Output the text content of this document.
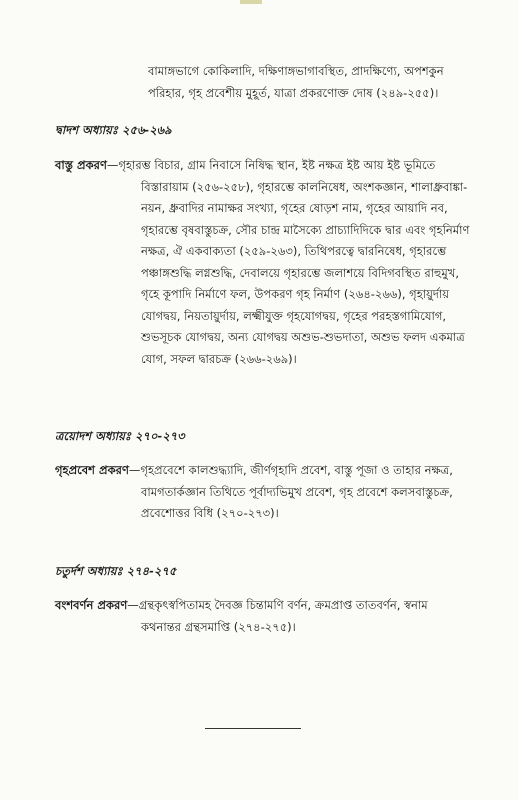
বামাঙ্গভাগে কোকিলাদি, দক্ষিণাঙ্গভাগাবস্থিত, প্রাদক্ষিণ্যে, অপশকুন
পরিহার, গৃহ প্রবেশীয় মুহূর্ত, যাত্রা প্রকরণোক্ত দোষ (২৪৯-২৫৫)।
দ্বাদশ অধ্যায়ঃ ২৫৬-২৬৯
বাস্তু প্রকরণ—গৃহারম্ভ বিচার, গ্রাম নিবাসে নিষিদ্ধ স্থান, ইষ্ট নক্ষত্র ইষ্ট আয় ইষ্ট ভূমিতে
বিস্তারায়াম (২৫৬-২৫৮), গৃহারম্ভে কালনিষেধ, অংশকজ্ঞান, শালাধ্রুবাঙ্কা-
নয়ন, ধ্রুবাদির নামাক্ষর সংখ্যা, গৃহের ষোড়শ নাম, গৃহের আয়াদি নব,
গৃহারম্ভে বৃষবাস্তুচক্র, সৌর চান্দ্র মাসৈক্যে প্রাচ্যাদিদিকে দ্বার এবং গৃহনির্মাণ
নক্ষত্র, ঐ একবাক্যতা (২৫৯-২৬৩), তিথিপরত্বে দ্বারনিষেধ, গৃহারম্ভে
পঞ্চাঙ্গশুদ্ধি লগ্নশুদ্ধি, দেবালয়ে গৃহারম্ভে জলাশয়ে বিদিগবস্থিত রাহুমুখ,
গৃহে কূপাদি নির্মাণে ফল, উপকরণ গৃহ নির্মাণ (২৬৪-২৬৬), গৃহায়ুর্দায়
যোগদ্বয়, নিয়তায়ুর্দায়, লক্ষ্মীযুক্ত গৃহযোগদ্বয়, গৃহের পরহস্তগামিযোগ,
শুভসূচক যোগদ্বয়, অন্য যোগদ্বয় অশুভ-শুভদাতা, অশুভ ফলদ একমাত্র
যোগ, সফল দ্বারচক্র (২৬৬-২৬৯)।
ত্রয়োদশ অধ্যায়ঃ ২৭০-২৭৩
গৃহপ্রবেশ প্রকরণ—গৃহপ্রবেশে কালশুদ্ধ্যাদি, জীর্ণগৃহাদি প্রবেশ, বাস্তু পূজা ও তাহার নক্ষত্র,
বামগতার্কজ্ঞান তিথিতে পূর্বাদ্যভিমুখ প্রবেশ, গৃহ প্রবেশে কলসবাস্তুচক্র,
প্রবেশোত্তর বিধি (২৭০-২৭৩)।
চতুর্দশ অধ্যায়ঃ ২৭৪-২৭৫
বংশবর্ণন প্রকরণ—গ্রন্থকৃৎস্বপিতামহ দৈবজ্ঞ চিন্তামণি বর্ণন, ক্রমপ্রাপ্ত তাতবর্ণন, স্বনাম
কথনান্তর গ্রন্থসমাপ্তি (২৭৪-২৭৫)।
